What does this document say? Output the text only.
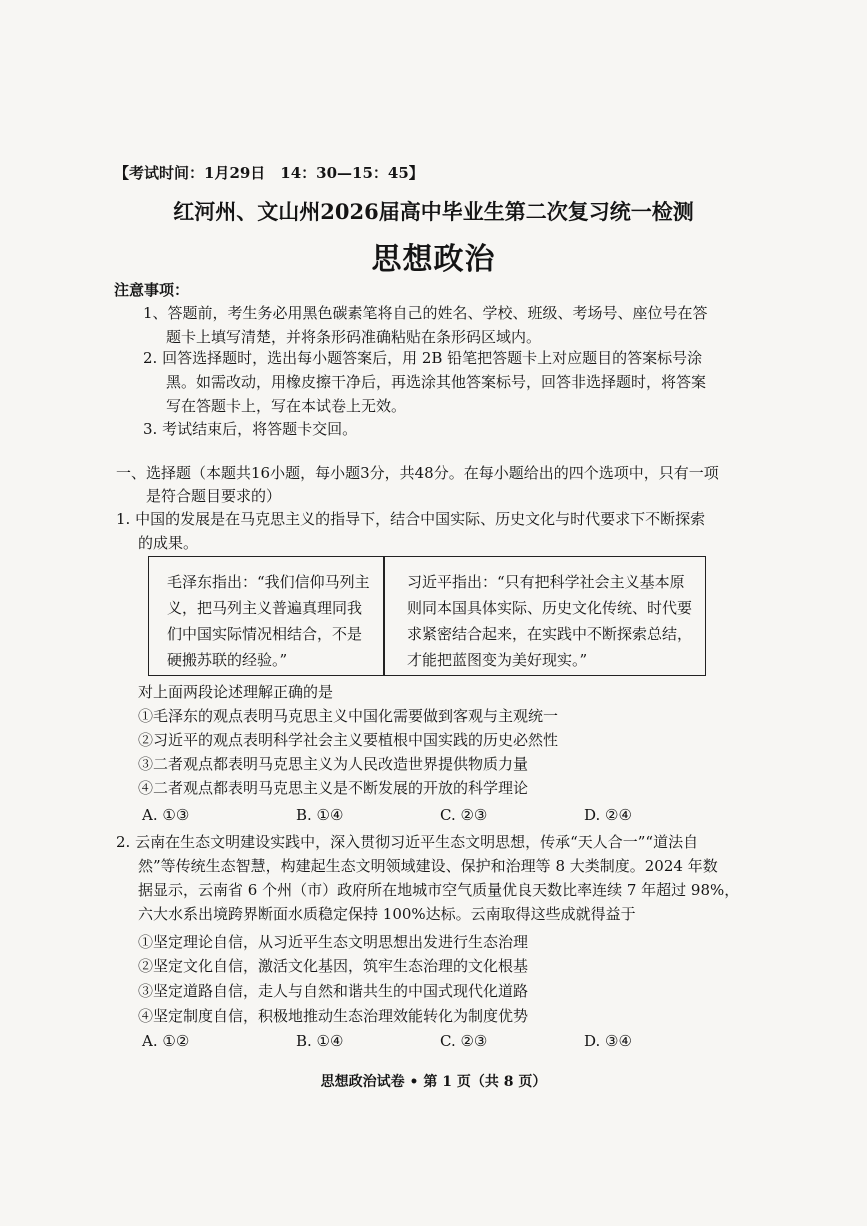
【考试时间：1月29日　14：30—15：45】
红河州、文山州2026届高中毕业生第二次复习统一检测
思想政治
注意事项：
1、答题前，考生务必用黑色碳素笔将自己的姓名、学校、班级、考场号、座位号在答
题卡上填写清楚，并将条形码准确粘贴在条形码区域内。
2. 回答选择题时，选出每小题答案后，用 2B 铅笔把答题卡上对应题目的答案标号涂
黑。如需改动，用橡皮擦干净后，再选涂其他答案标号，回答非选择题时，将答案
写在答题卡上，写在本试卷上无效。
3. 考试结束后，将答题卡交回。
一、选择题（本题共16小题，每小题3分，共48分。在每小题给出的四个选项中，只有一项
是符合题目要求的）
1. 中国的发展是在马克思主义的指导下，结合中国实际、历史文化与时代要求下不断探索
的成果。
毛泽东指出：“我们信仰马列主义，把马列主义普遍真理同我们中国实际情况相结合，不是硬搬苏联的经验。”
习近平指出：“只有把科学社会主义基本原则同本国具体实际、历史文化传统、时代要求紧密结合起来，在实践中不断探索总结，才能把蓝图变为美好现实。”
对上面两段论述理解正确的是
①毛泽东的观点表明马克思主义中国化需要做到客观与主观统一
②习近平的观点表明科学社会主义要植根中国实践的历史必然性
③二者观点都表明马克思主义为人民改造世界提供物质力量
④二者观点都表明马克思主义是不断发展的开放的科学理论
A. ①③	B. ①④	C. ②③	D. ②④
2. 云南在生态文明建设实践中，深入贯彻习近平生态文明思想，传承“天人合一”“道法自
然”等传统生态智慧，构建起生态文明领域建设、保护和治理等 8 大类制度。2024 年数
据显示，云南省 6 个州（市）政府所在地城市空气质量优良天数比率连续 7 年超过 98%，
六大水系出境跨界断面水质稳定保持 100%达标。云南取得这些成就得益于
①坚定理论自信，从习近平生态文明思想出发进行生态治理
②坚定文化自信，激活文化基因，筑牢生态治理的文化根基
③坚定道路自信，走人与自然和谐共生的中国式现代化道路
④坚定制度自信，积极地推动生态治理效能转化为制度优势
A. ①②	B. ①④	C. ②③	D. ③④
思想政治试卷 • 第 1 页（共 8 页）
